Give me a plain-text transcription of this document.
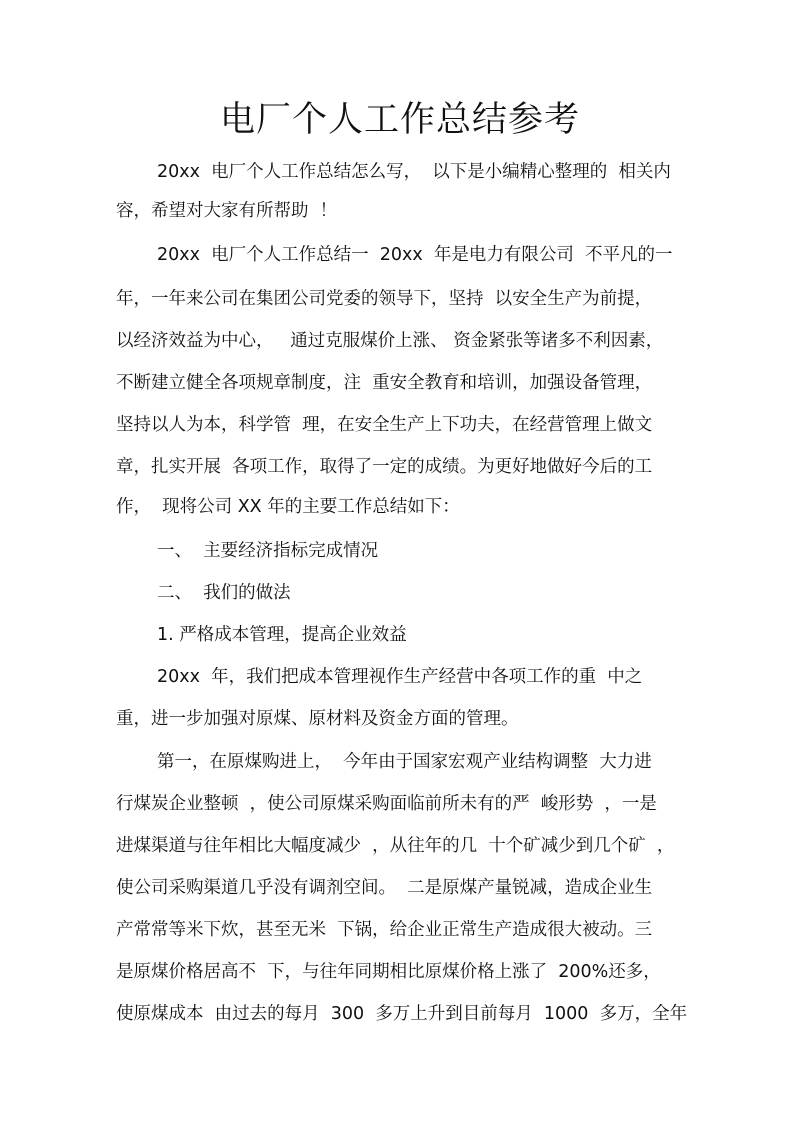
电厂个人工作总结参考

20xx  电厂个人工作总结怎么写，  以下是小编精心整理的  相关内

容，希望对大家有所帮助  ！

20xx  电厂个人工作总结一  20xx  年是电力有限公司  不平凡的一

年，一年来公司在集团公司党委的领导下，坚持  以安全生产为前提，

以经济效益为中心，   通过克服煤价上涨、 资金紧张等诸多不利因素，

不断建立健全各项规章制度，注  重安全教育和培训，加强设备管理，

坚持以人为本，科学管  理，在安全生产上下功夫，在经营管理上做文

章，扎实开展  各项工作，取得了一定的成绩。为更好地做好今后的工

作，  现将公司 XX 年的主要工作总结如下：

一、  主要经济指标完成情况

二、  我们的做法

1. 严格成本管理，提高企业效益

20xx  年，我们把成本管理视作生产经营中各项工作的重  中之

重，进一步加强对原煤、原材料及资金方面的管理。

第一，在原煤购进上，  今年由于国家宏观产业结构调整  大力进

行煤炭企业整顿  ，使公司原煤采购面临前所未有的严  峻形势  ，一是

进煤渠道与往年相比大幅度减少  ，从往年的几  十个矿减少到几个矿  ，

使公司采购渠道几乎没有调剂空间。  二是原煤产量锐减，造成企业生

产常常等米下炊，甚至无米  下锅，给企业正常生产造成很大被动。三

是原煤价格居高不  下，与往年同期相比原煤价格上涨了  200%还多，

使原煤成本  由过去的每月  300  多万上升到目前每月  1000  多万，全年
